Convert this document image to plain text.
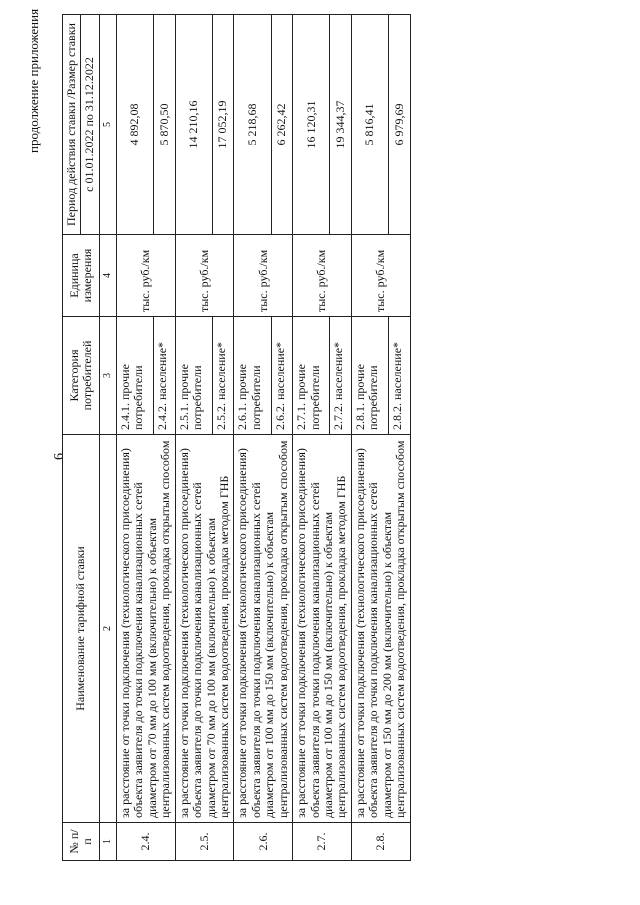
6
продолжение приложения
№ п/п	Наименование тарифной ставки	Категория потребителей	Единица измерения	Период действия ставки /Размер ставки
				с 01.01.2022 по 31.12.2022
1	2	3	4	5
2.4.	за расстояние от точки подключения (технологического присоединения) объекта заявителя до точки подключения канализационных сетей диаметром от 70 мм до 100 мм (включительно) к объектам централизованных систем водоотведения, прокладка открытым способом	2.4.1. прочие потребители	тыс. руб./км	4 892,08
		2.4.2. население*		5 870,50
2.5.	за расстояние от точки подключения (технологического присоединения) объекта заявителя до точки подключения канализационных сетей диаметром от 70 мм до 100 мм (включительно) к объектам централизованных систем водоотведения, прокладка методом ГНБ	2.5.1. прочие потребители	тыс. руб./км	14 210,16
		2.5.2. население*		17 052,19
2.6.	за расстояние от точки подключения (технологического присоединения) объекта заявителя до точки подключения канализационных сетей диаметром от 100 мм до 150 мм (включительно) к объектам централизованных систем водоотведения, прокладка открытым способом	2.6.1. прочие потребители	тыс. руб./км	5 218,68
		2.6.2. население*		6 262,42
2.7.	за расстояние от точки подключения (технологического присоединения) объекта заявителя до точки подключения канализационных сетей диаметром от 100 мм до 150 мм (включительно) к объектам централизованных систем водоотведения, прокладка методом ГНБ	2.7.1. прочие потребители	тыс. руб./км	16 120,31
		2.7.2. население*		19 344,37
2.8.	за расстояние от точки подключения (технологического присоединения) объекта заявителя до точки подключения канализационных сетей диаметром от 150 мм до 200 мм (включительно) к объектам централизованных систем водоотведения, прокладка открытым способом	2.8.1. прочие потребители	тыс. руб./км	5 816,41
		2.8.2. население*		6 979,69
